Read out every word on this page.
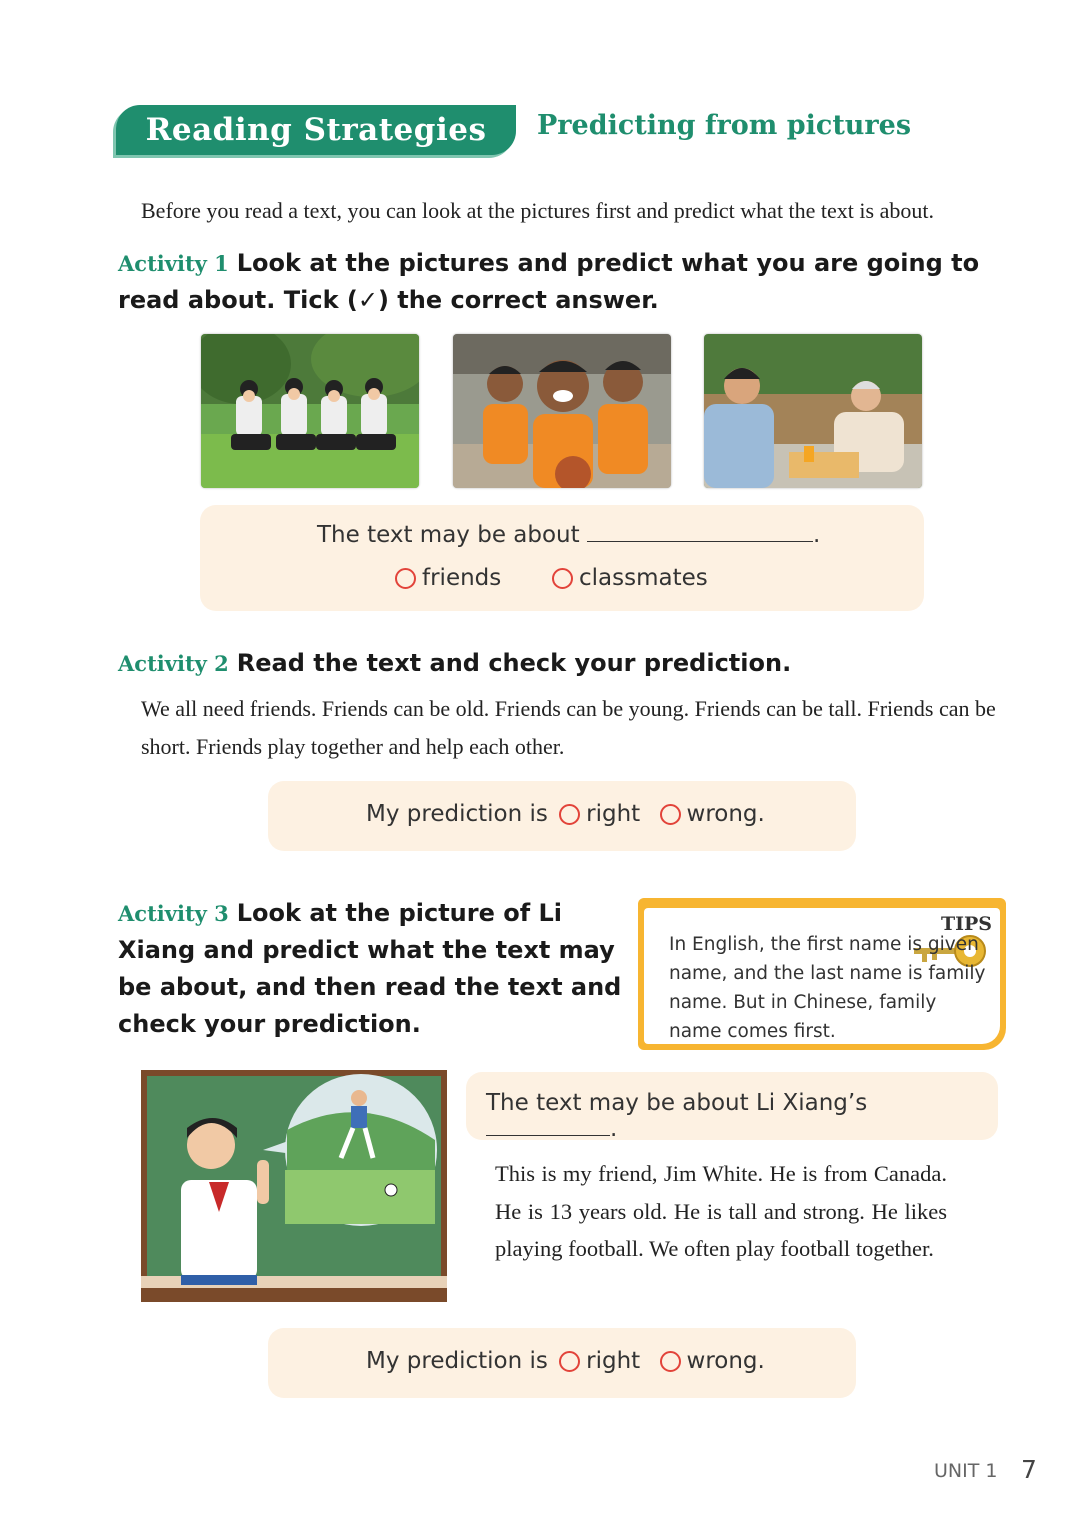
Reading Strategies Predicting from pictures
Before you read a text, you can look at the pictures first and predict what the text is about.
Activity 1 Look at the pictures and predict what you are going to read about. Tick (✓) the correct answer.
The text may be about	.
friends	classmates
Activity 2 Read the text and check your prediction.
We all need friends. Friends can be old. Friends can be young. Friends can be tall. Friends can be short. Friends play together and help each other.
My prediction is right wrong.
Activity 3 Look at the picture of Li Xiang and predict what the text may be about, and then read the text and check your prediction.
TIPS
In English, the first name is given name, and the last name is family name. But in Chinese, family name comes first.
The text may be about Li Xiang’s .
This is my friend, Jim White. He is from Canada. He is 13 years old. He is tall and strong. He likes playing football. We often play football together.
My prediction is right wrong.
UNIT 1 7
